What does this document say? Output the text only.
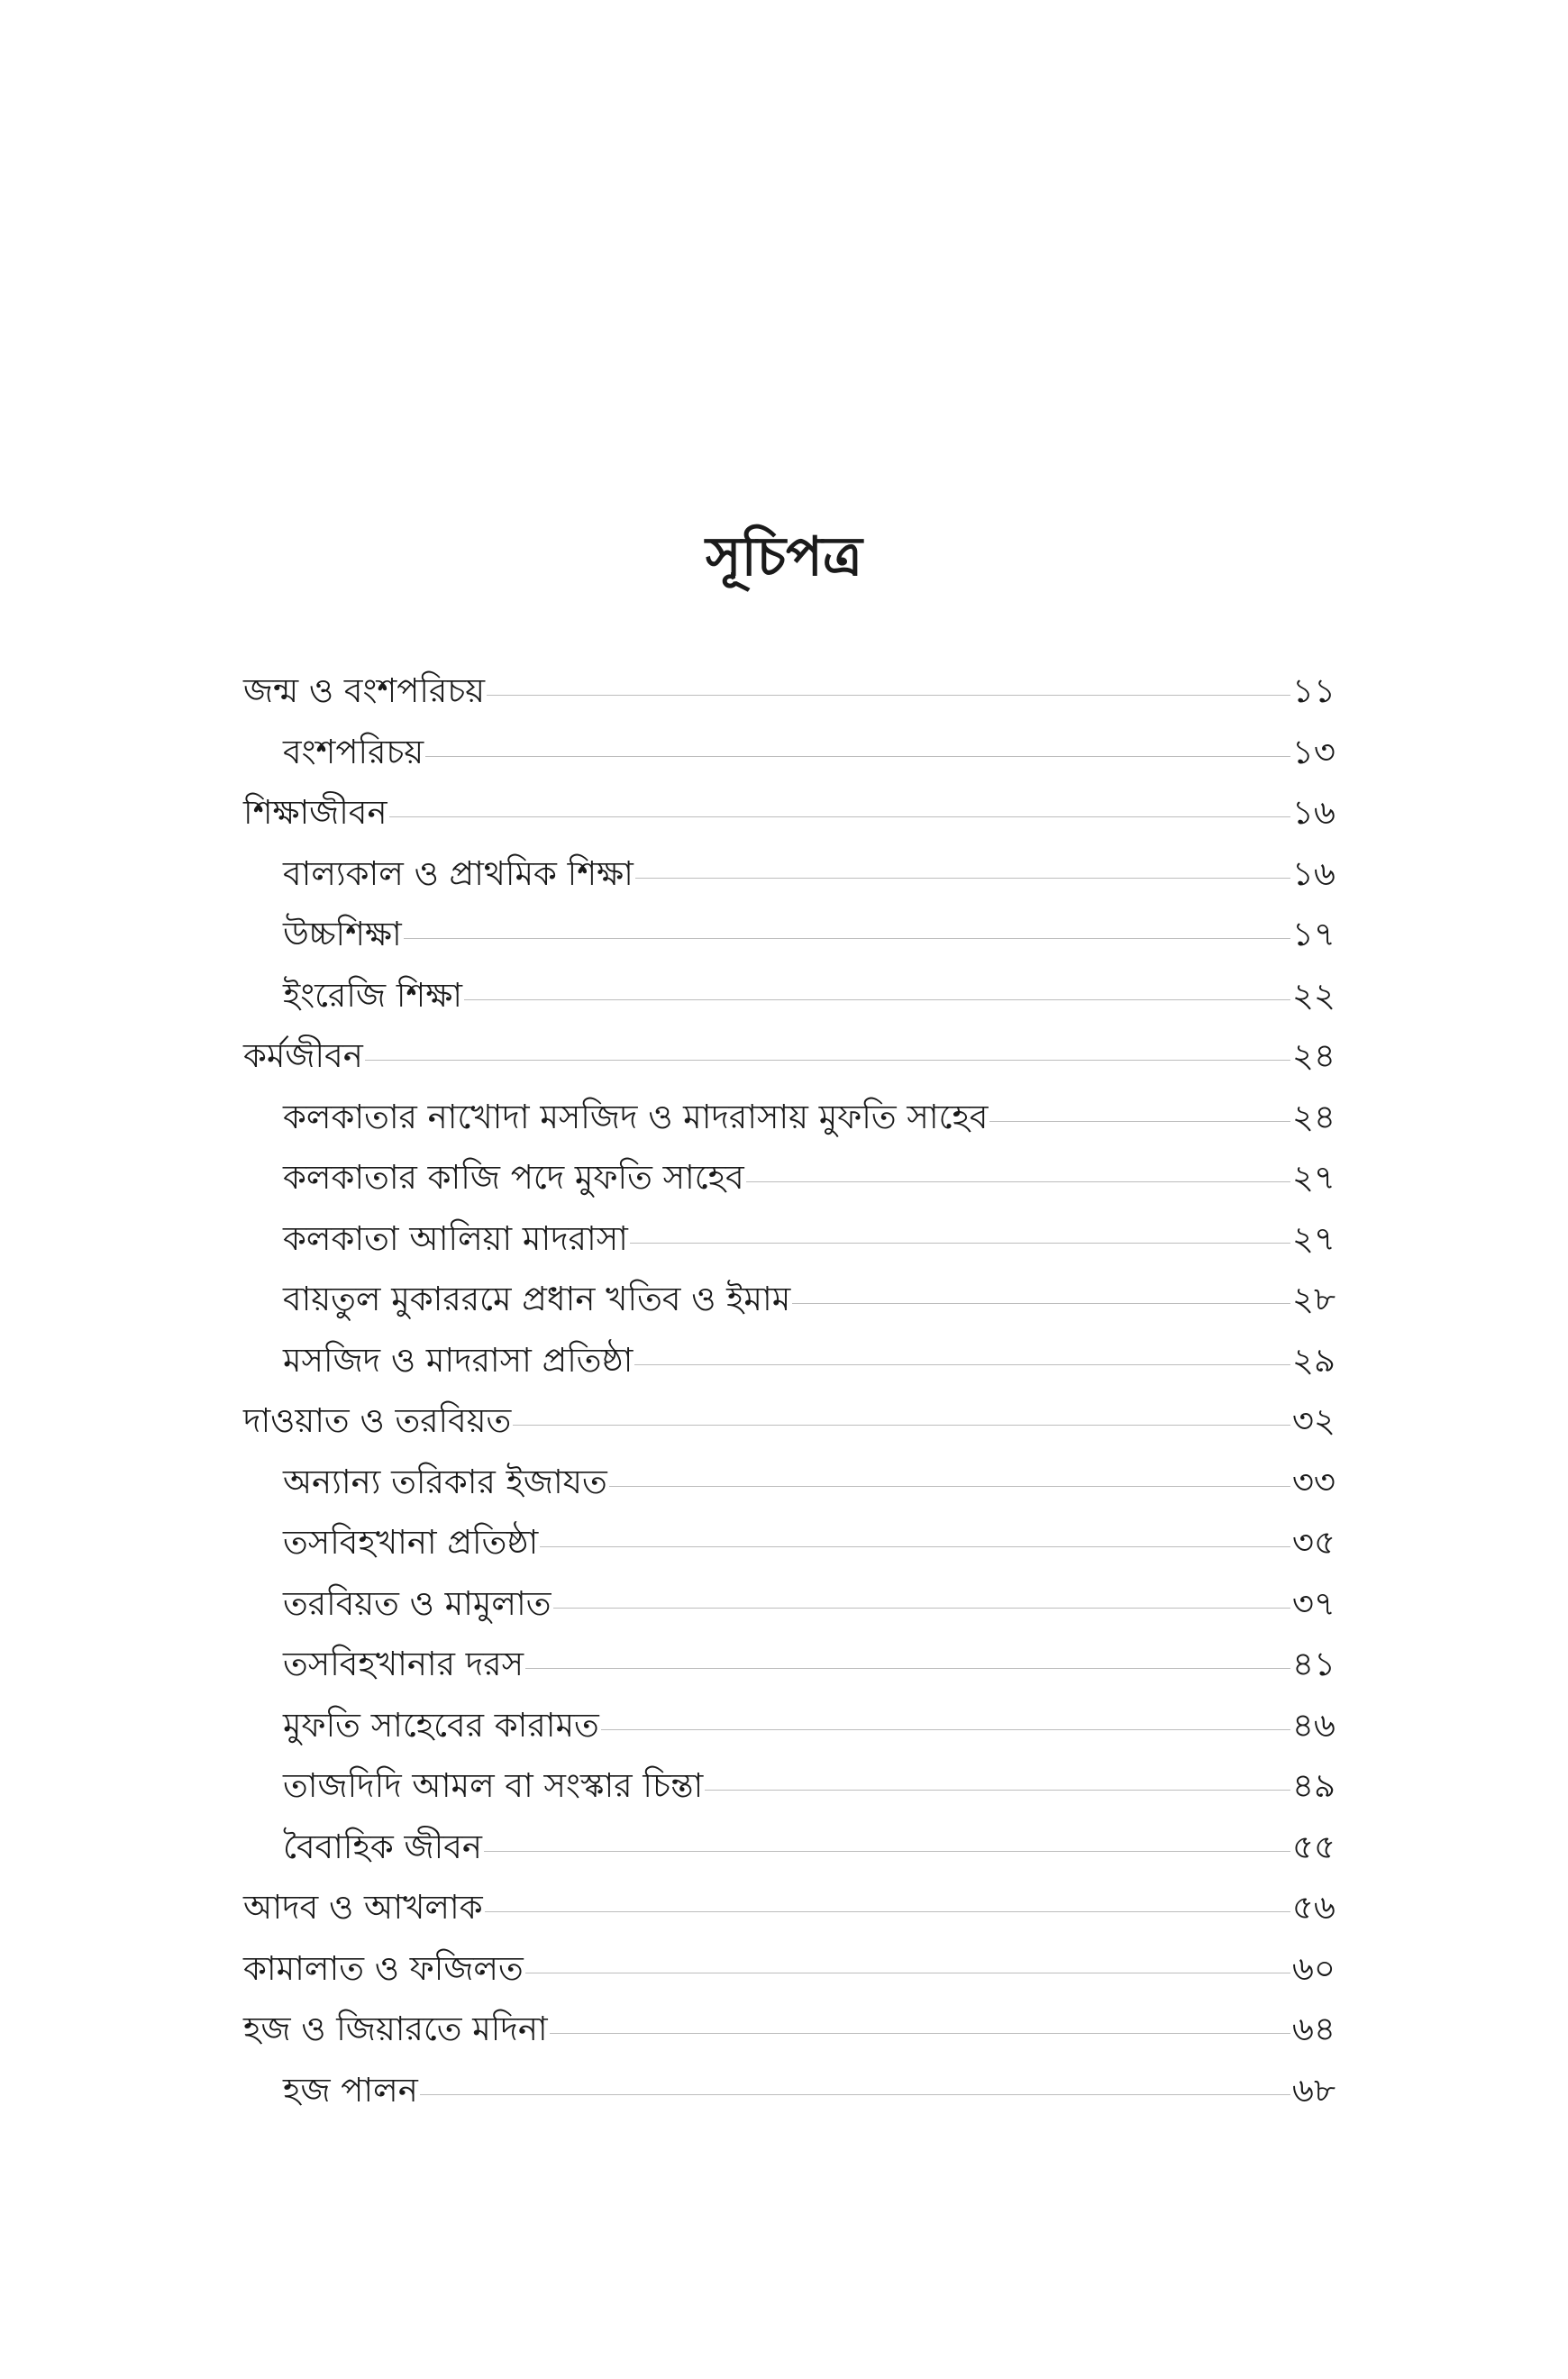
সূচিপত্র
জন্ম ও বংশপরিচয়	১১
বংশপরিচয়	১৩
শিক্ষাজীবন	১৬
বাল্যকাল ও প্রাথমিক শিক্ষা	১৬
উচ্চশিক্ষা	১৭
ইংরেজি শিক্ষা	২২
কর্মজীবন	২৪
কলকাতার নাখোদা মসজিদ ও মাদরাসায় মুফতি সাহেব	২৪
কলকাতার কাজি পদে মুফতি সাহেব	২৭
কলকাতা আলিয়া মাদরাসা	২৭
বায়তুল মুকাররমে প্রধান খতিব ও ইমাম	২৮
মসজিদ ও মাদরাসা প্রতিষ্ঠা	২৯
দাওয়াত ও তরবিয়ত	৩২
অন্যান্য তরিকার ইজাযত	৩৩
তসবিহখানা প্রতিষ্ঠা	৩৫
তরবিয়ত ও মামুলাত	৩৭
তসবিহখানার দরস	৪১
মুফতি সাহেবের কারামত	৪৬
তাজদিদি আমল বা সংস্কার চিন্তা	৪৯
বৈবাহিক জীবন	৫৫
আদব ও আখলাক	৫৬
কামালাত ও ফজিলত	৬০
হজ ও জিয়ারতে মদিনা	৬৪
হজ পালন	৬৮
